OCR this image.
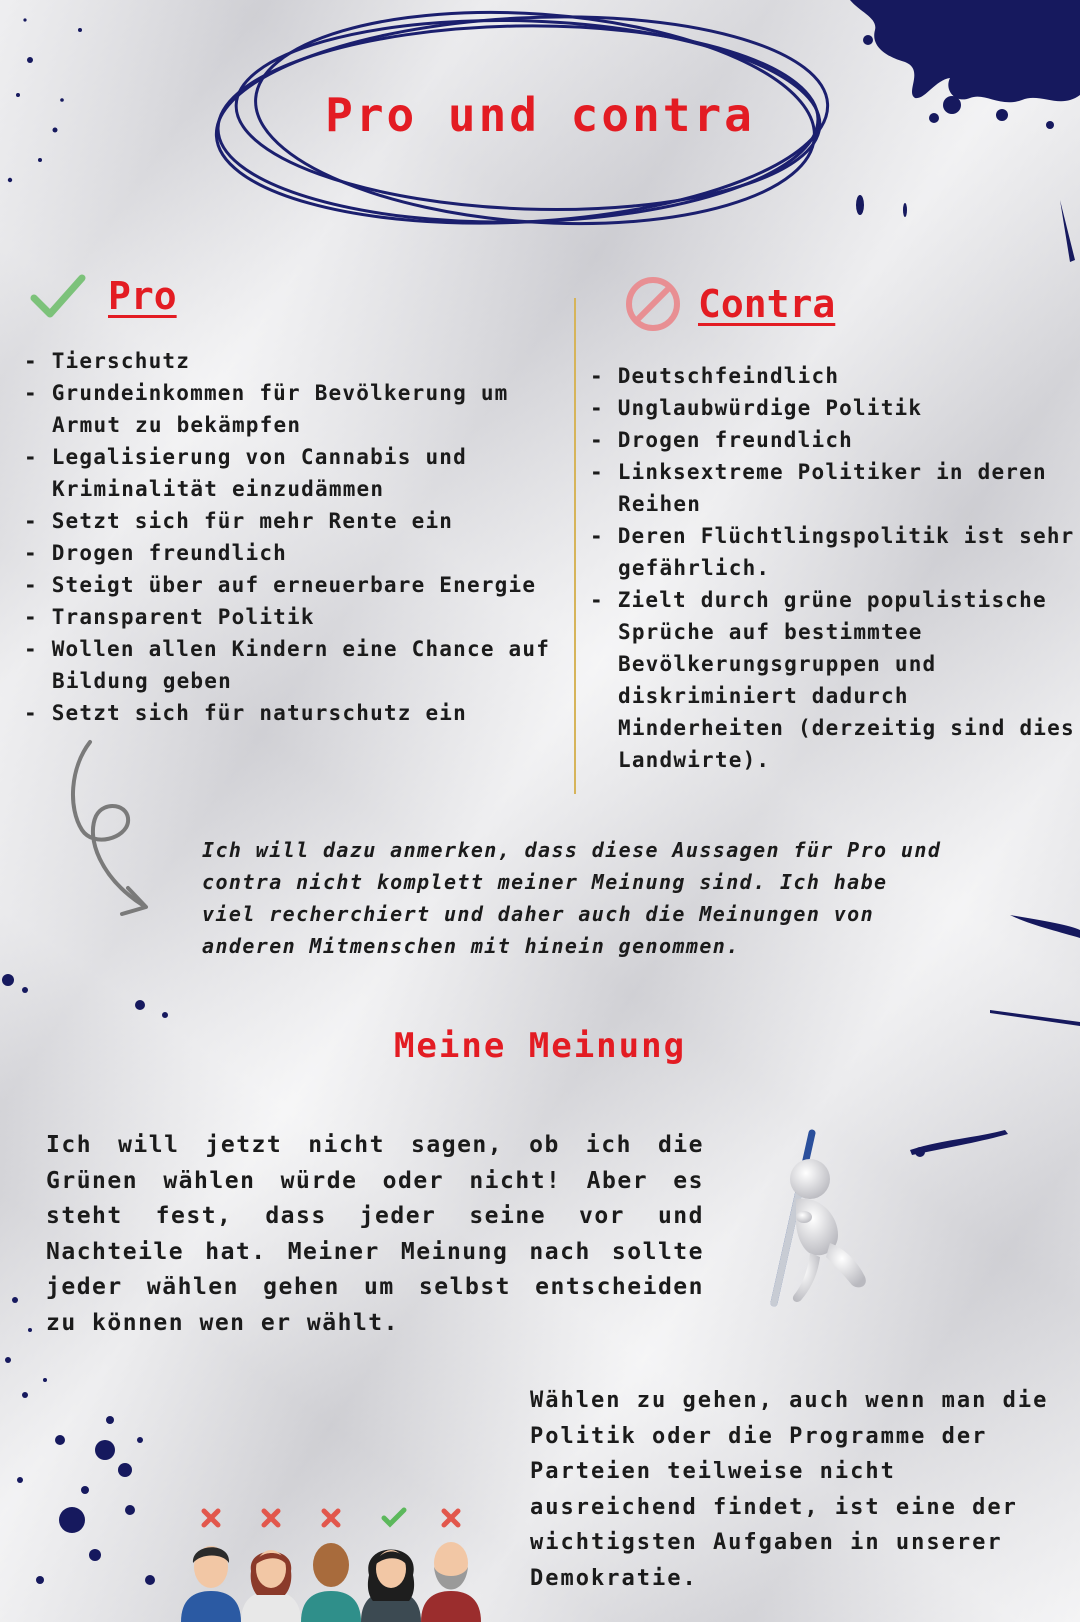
Pro und contra
Pro
- Tierschutz
- Grundeinkommen für Bevölkerung um Armut zu bekämpfen
- Legalisierung von Cannabis und Kriminalität einzudämmen
- Setzt sich für mehr Rente ein
- Drogen freundlich
- Steigt über auf erneuerbare Energie
- Transparent Politik
- Wollen allen Kindern eine Chance auf Bildung geben
- Setzt sich für naturschutz ein
Contra
- Deutschfeindlich
- Unglaubwürdige Politik
- Drogen freundlich
- Linksextreme Politiker in deren Reihen
- Deren Flüchtlingspolitik ist sehr gefährlich.
- Zielt durch grüne populistische Sprüche auf bestimmtee Bevölkerungsgruppen und diskriminiert dadurch Minderheiten (derzeitig sind dies Landwirte).

Ich will dazu anmerken, dass diese Aussagen für Pro und contra nicht komplett meiner Meinung sind. Ich habe viel recherchiert und daher auch die Meinungen von anderen Mitmenschen mit hinein genommen.

Meine Meinung

Ich will jetzt nicht sagen, ob ich die Grünen wählen würde oder nicht! Aber es steht fest, dass jeder seine vor und Nachteile hat. Meiner Meinung nach sollte jeder wählen gehen um selbst entscheiden zu können wen er wählt.

Wählen zu gehen, auch wenn man die Politik oder die Programme der Parteien teilweise nicht ausreichend findet, ist eine der wichtigsten Aufgaben in unserer Demokratie.
